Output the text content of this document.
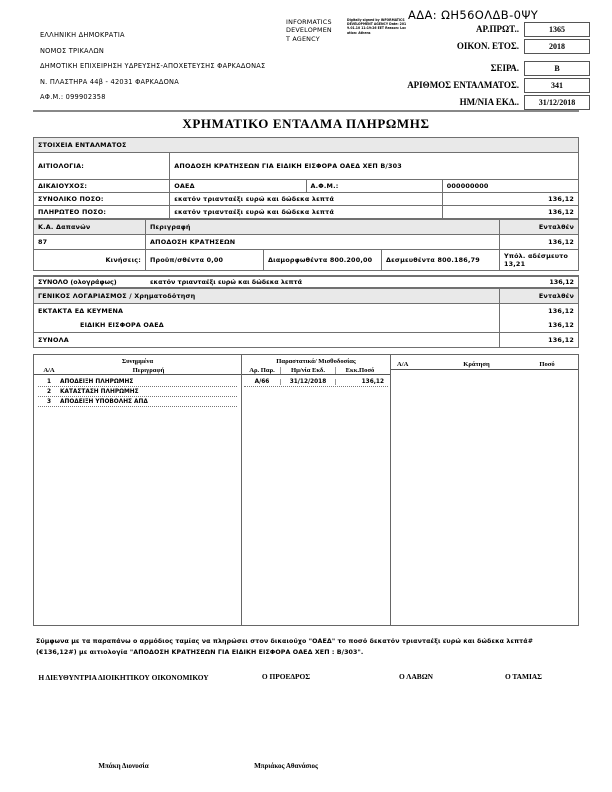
ΑΔΑ: ΩΗ56ΟΛΔΒ-0ΨΥ
ΕΛΛΗΝΙΚΗ ΔΗΜΟΚΡΑΤΙΑ
ΝΟΜΟΣ ΤΡΙΚΑΛΩΝ
ΔΗΜΟΤΙΚΗ ΕΠΙΧΕΙΡΗΣΗ ΥΔΡΕΥΣΗΣ-ΑΠΟΧΕΤΕΥΣΗΣ ΦΑΡΚΑΔΟΝΑΣ
Ν. ΠΛΑΣΤΗΡΑ 44β - 42031 ΦΑΡΚΑΔΟΝΑ
ΑΦ.Μ.: 099902358
INFORMATICS
DEVELOPMEN
T AGENCY
Digitally signed by INFORMATICS DEVELOPMENT AGENCY Date: 2019.01.10 11:19:26 EET Reason: Location: Athens	ΑΡ.ΠΡΩΤ..	1365
ΟΙΚΟΝ. ΕΤΟΣ.	2018
ΣΕΙΡΑ.	Β
ΑΡΙΘΜΟΣ ΕΝΤΑΛΜΑΤΟΣ.	341
ΗΜ/ΝΙΑ ΕΚΔ..	31/12/2018
ΧΡΗΜΑΤΙΚΟ ΕΝΤΑΛΜΑ ΠΛΗΡΩΜΗΣ
ΣΤΟΙΧΕΙΑ ΕΝΤΑΛΜΑΤΟΣ			
ΑΙΤΙΟΛΟΓΙΑ:	ΑΠΟΔΟΣΗ ΚΡΑΤΗΣΕΩΝ ΓΙΑ ΕΙΔΙΚΗ ΕΙΣΦΟΡΑ ΟΑΕΔ ΧΕΠ Β/303		
ΔΙΚΑΙΟΥΧΟΣ:	ΟΑΕΔ	Α.Φ.Μ.:	000000000
ΣΥΝΟΛΙΚΟ ΠΟΣΟ:	εκατόν τριανταέξι ευρώ και δώδεκα λεπτά		136,12
ΠΛΗΡΩΤΕΟ ΠΟΣΟ:	εκατόν τριανταέξι ευρώ και δώδεκα λεπτά		136,12
Κ.Α. Δαπανών	Περιγραφή			Ενταλθέν
87	ΑΠΟΔΟΣΗ ΚΡΑΤΗΣΕΩΝ			136,12
Κινήσεις:	Προϋπ/σθέντα 0,00	Διαμορφωθέντα 800.200,00	Δεσμευθέντα 800.186,79	Υπόλ. αδέσμευτο 13,21
ΣΥΝΟΛΟ (ολογράφως)	εκατόν τριανταέξι ευρώ και δώδεκα λεπτά	136,12
ΓΕΝΙΚΟΣ ΛΟΓΑΡΙΑΣΜΟΣ / Χρηματοδότηση	Ενταλθέν
ΕΚΤΑΚΤΑ ΕΔ ΚΕΥΜΕΝΑ	136,12
ΕΙΔΙΚΗ ΕΙΣΦΟΡΑ ΟΑΕΔ	136,12
ΣΥΝΟΛΑ	136,12
Συνημμένα
Α/Α	Περιγραφή
1	ΑΠΟΔΕΙΞΗ ΠΛΗΡΩΜΗΣ
2	ΚΑΤΑΣΤΑΣΗ ΠΛΗΡΩΜΗΣ
3	ΑΠΟΔΕΙΞΗ ΥΠΟΒΟΛΗΣ ΑΠΔ
Παραστατικά/ Μισθοδοσίας
Αρ. Παρ.	Ημ/νία Εκδ.	Εκκ.Ποσό
Α/66	31/12/2018	136,12
Α/Α	Κράτηση	Ποσό
Σύμφωνα με τα παραπάνω ο αρμόδιος ταμίας να πληρώσει στον δικαιούχο "ΟΑΕΔ" το ποσό δεκατόν τριανταέξι ευρώ και δώδεκα λεπτά# (€136,12#) με αιτιολογία "ΑΠΟΔΟΣΗ ΚΡΑΤΗΣΕΩΝ ΓΙΑ ΕΙΔΙΚΗ ΕΙΣΦΟΡΑ ΟΑΕΔ ΧΕΠ : Β/303".
Η ΔΙΕΥΘΥΝΤΡΙΑ ΔΙΟΙΚΗΤΙΚΟΥ ΟΙΚΟΝΟΜΙΚΟΥ	Ο ΠΡΟΕΔΡΟΣ	Ο ΛΑΒΩΝ	Ο ΤΑΜΙΑΣ
Μπάκη Διονυσία	Μπριάκος Αθανάσιος
